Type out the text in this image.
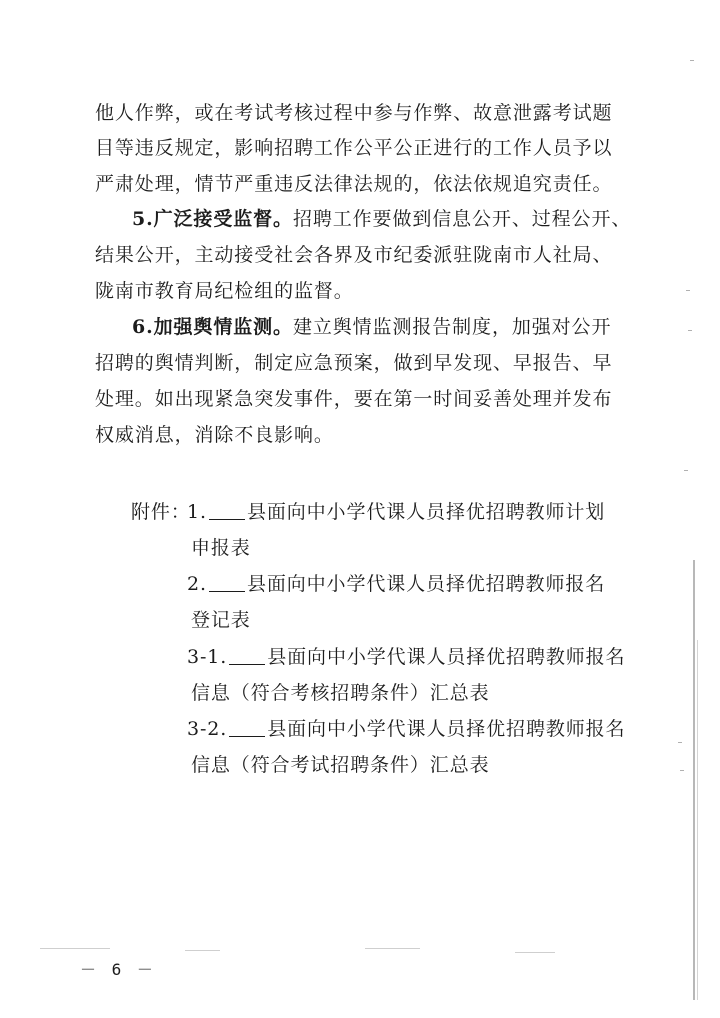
他人作弊，或在考试考核过程中参与作弊、故意泄露考试题
目等违反规定，影响招聘工作公平公正进行的工作人员予以
严肃处理，情节严重违反法律法规的，依法依规追究责任。
5.广泛接受监督。招聘工作要做到信息公开、过程公开、
结果公开，主动接受社会各界及市纪委派驻陇南市人社局、
陇南市教育局纪检组的监督。
6.加强舆情监测。建立舆情监测报告制度，加强对公开
招聘的舆情判断，制定应急预案，做到早发现、早报告、早
处理。如出现紧急突发事件，要在第一时间妥善处理并发布
权威消息，消除不良影响。
附件：
1. 县面向中小学代课人员择优招聘教师计划
申报表
2. 县面向中小学代课人员择优招聘教师报名
登记表
3-1. 县面向中小学代课人员择优招聘教师报名
信息（符合考核招聘条件）汇总表
3-2. 县面向中小学代课人员择优招聘教师报名
信息（符合考试招聘条件）汇总表
－ 6 －
